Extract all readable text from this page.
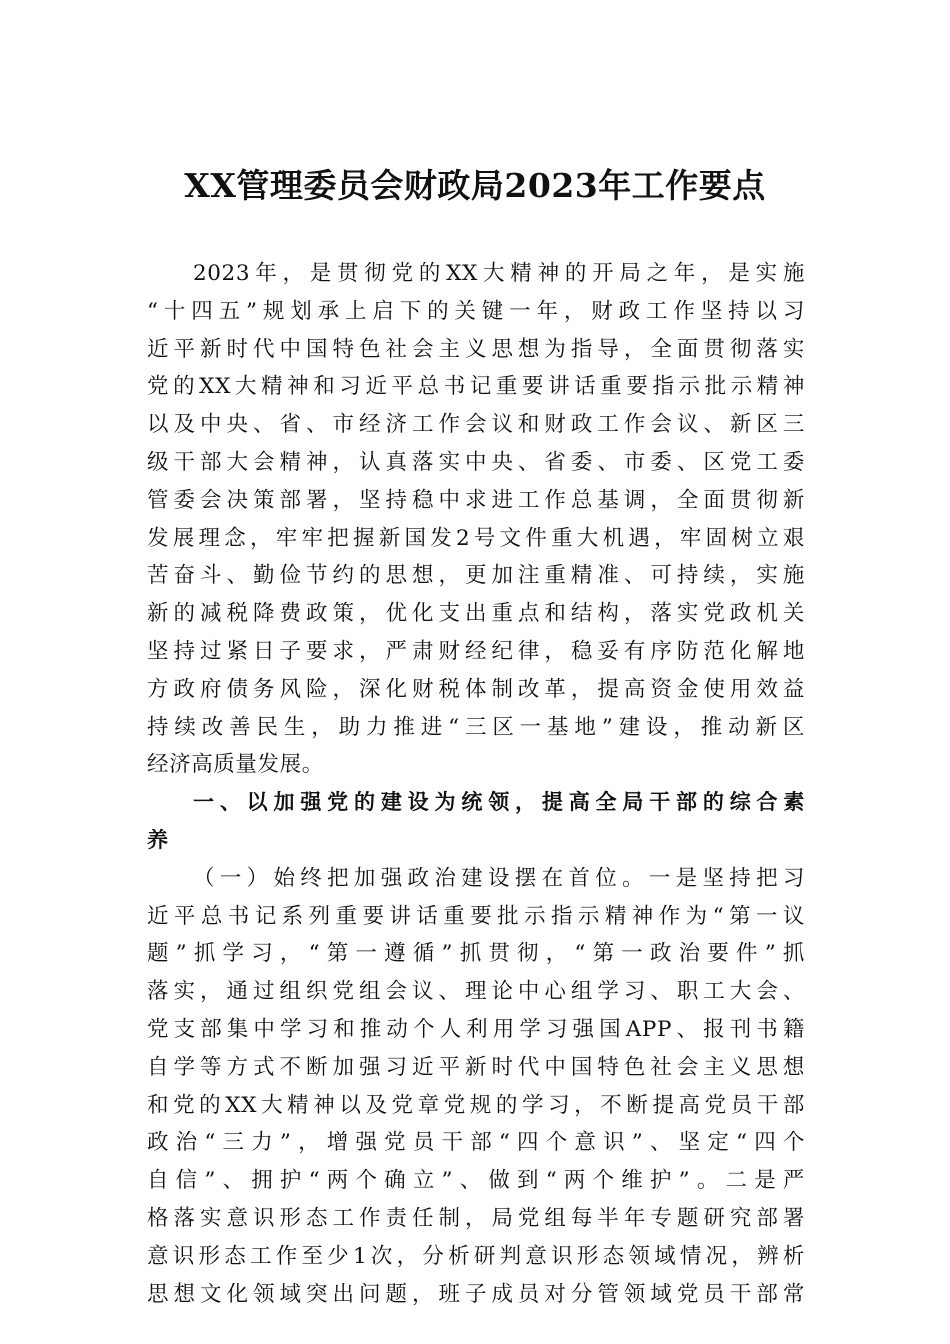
XX管理委员会财政局2023年工作要点
2023年，是贯彻党的XX大精神的开局之年，是实施
“十四五”规划承上启下的关键一年，财政工作坚持以习
近平新时代中国特色社会主义思想为指导，全面贯彻落实
党的XX大精神和习近平总书记重要讲话重要指示批示精神
以及中央、省、市经济工作会议和财政工作会议、新区三
级干部大会精神，认真落实中央、省委、市委、区党工委
管委会决策部署，坚持稳中求进工作总基调，全面贯彻新
发展理念，牢牢把握新国发2号文件重大机遇，牢固树立艰
苦奋斗、勤俭节约的思想，更加注重精准、可持续，实施
新的减税降费政策，优化支出重点和结构，落实党政机关
坚持过紧日子要求，严肃财经纪律，稳妥有序防范化解地
方政府债务风险，深化财税体制改革，提高资金使用效益
持续改善民生，助力推进“三区一基地”建设，推动新区
经济高质量发展。
一、以加强党的建设为统领，提高全局干部的综合素
养
（一）始终把加强政治建设摆在首位。一是坚持把习
近平总书记系列重要讲话重要批示指示精神作为“第一议
题”抓学习，“第一遵循”抓贯彻，“第一政治要件”抓
落实，通过组织党组会议、理论中心组学习、职工大会、
党支部集中学习和推动个人利用学习强国APP、报刊书籍
自学等方式不断加强习近平新时代中国特色社会主义思想
和党的XX大精神以及党章党规的学习，不断提高党员干部
政治“三力”，增强党员干部“四个意识”、坚定“四个
自信”、拥护“两个确立”、做到“两个维护”。二是严
格落实意识形态工作责任制，局党组每半年专题研究部署
意识形态工作至少1次，分析研判意识形态领域情况，辨析
思想文化领域突出问题，班子成员对分管领域党员干部常
